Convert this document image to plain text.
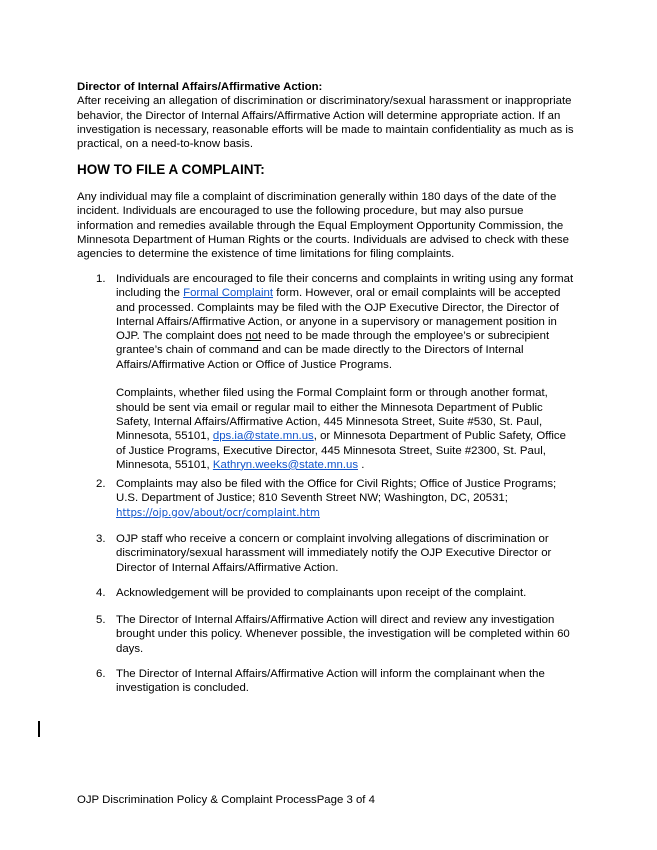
Director of Internal Affairs/Affirmative Action:

After receiving an allegation of discrimination or discriminatory/sexual harassment or inappropriate behavior, the Director of Internal Affairs/Affirmative Action will determine appropriate action. If an investigation is necessary, reasonable efforts will be made to maintain confidentiality as much as is practical, on a need-to-know basis.

HOW TO FILE A COMPLAINT:

Any individual may file a complaint of discrimination generally within 180 days of the date of the incident. Individuals are encouraged to use the following procedure, but may also pursue information and remedies available through the Equal Employment Opportunity Commission, the Minnesota Department of Human Rights or the courts. Individuals are advised to check with these agencies to determine the existence of time limitations for filing complaints.

1. Individuals are encouraged to file their concerns and complaints in writing using any format including the Formal Complaint form. However, oral or email complaints will be accepted and processed. Complaints may be filed with the OJP Executive Director, the Director of Internal Affairs/Affirmative Action, or anyone in a supervisory or management position in OJP. The complaint does not need to be made through the employee’s or subrecipient grantee’s chain of command and can be made directly to the Directors of Internal Affairs/Affirmative Action or Office of Justice Programs.

Complaints, whether filed using the Formal Complaint form or through another format, should be sent via email or regular mail to either the Minnesota Department of Public Safety, Internal Affairs/Affirmative Action, 445 Minnesota Street, Suite #530, St. Paul, Minnesota, 55101, dps.ia@state.mn.us, or Minnesota Department of Public Safety, Office of Justice Programs, Executive Director, 445 Minnesota Street, Suite #2300, St. Paul, Minnesota, 55101, Kathryn.weeks@state.mn.us .

2. Complaints may also be filed with the Office for Civil Rights; Office of Justice Programs; U.S. Department of Justice; 810 Seventh Street NW; Washington, DC, 20531;

https://ojp.gov/about/ocr/complaint.htm

3. OJP staff who receive a concern or complaint involving allegations of discrimination or discriminatory/sexual harassment will immediately notify the OJP Executive Director or Director of Internal Affairs/Affirmative Action.

4. Acknowledgement will be provided to complainants upon receipt of the complaint.

5. The Director of Internal Affairs/Affirmative Action will direct and review any investigation brought under this policy. Whenever possible, the investigation will be completed within 60 days.

6. The Director of Internal Affairs/Affirmative Action will inform the complainant when the investigation is concluded.

OJP Discrimination Policy & Complaint ProcessPage 3 of 4
